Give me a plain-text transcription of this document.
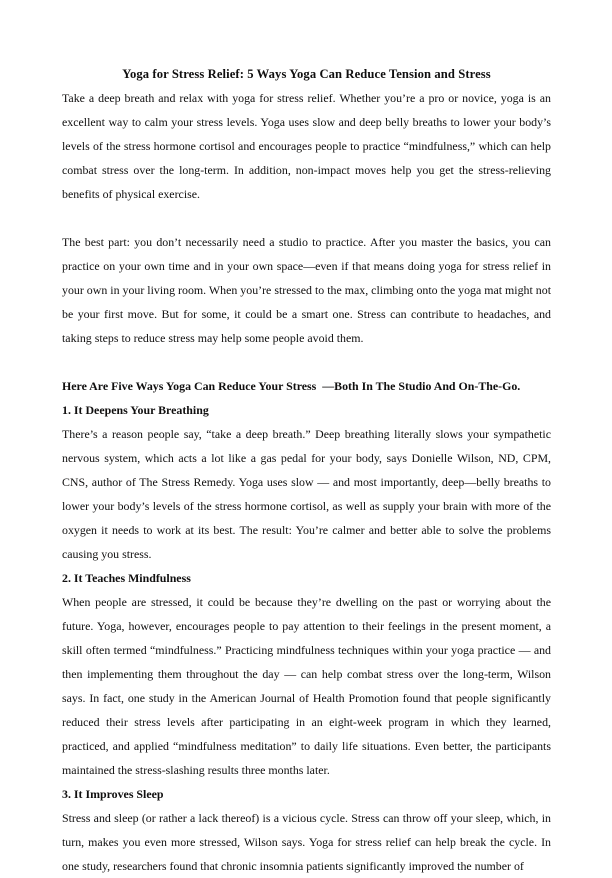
Yoga for Stress Relief: 5 Ways Yoga Can Reduce Tension and Stress

Take a deep breath and relax with yoga for stress relief. Whether you’re a pro or novice, yoga is an excellent way to calm your stress levels. Yoga uses slow and deep belly breaths to lower your body’s levels of the stress hormone cortisol and encourages people to practice “mindfulness,” which can help combat stress over the long-term. In addition, non-impact moves help you get the stress-relieving benefits of physical exercise.

The best part: you don’t necessarily need a studio to practice. After you master the basics, you can practice on your own time and in your own space—even if that means doing yoga for stress relief in your own in your living room. When you’re stressed to the max, climbing onto the yoga mat might not be your first move. But for some, it could be a smart one. Stress can contribute to headaches, and taking steps to reduce stress may help some people avoid them.

Here Are Five Ways Yoga Can Reduce Your Stress  —Both In The Studio And On-The-Go.
1. It Deepens Your Breathing

There’s a reason people say, “take a deep breath.” Deep breathing literally slows your sympathetic nervous system, which acts a lot like a gas pedal for your body, says Donielle Wilson, ND, CPM, CNS, author of The Stress Remedy. Yoga uses slow — and most importantly, deep—belly breaths to lower your body’s levels of the stress hormone cortisol, as well as supply your brain with more of the oxygen it needs to work at its best. The result: You’re calmer and better able to solve the problems causing you stress.

2. It Teaches Mindfulness

When people are stressed, it could be because they’re dwelling on the past or worrying about the future. Yoga, however, encourages people to pay attention to their feelings in the present moment, a skill often termed “mindfulness.” Practicing mindfulness techniques within your yoga practice — and then implementing them throughout the day — can help combat stress over the long-term, Wilson says. In fact, one study in the American Journal of Health Promotion found that people significantly reduced their stress levels after participating in an eight-week program in which they learned, practiced, and applied “mindfulness meditation” to daily life situations. Even better, the participants maintained the stress-slashing results three months later.

3. It Improves Sleep

Stress and sleep (or rather a lack thereof) is a vicious cycle. Stress can throw off your sleep, which, in turn, makes you even more stressed, Wilson says. Yoga for stress relief can help break the cycle. In one study, researchers found that chronic insomnia patients significantly improved the number of
